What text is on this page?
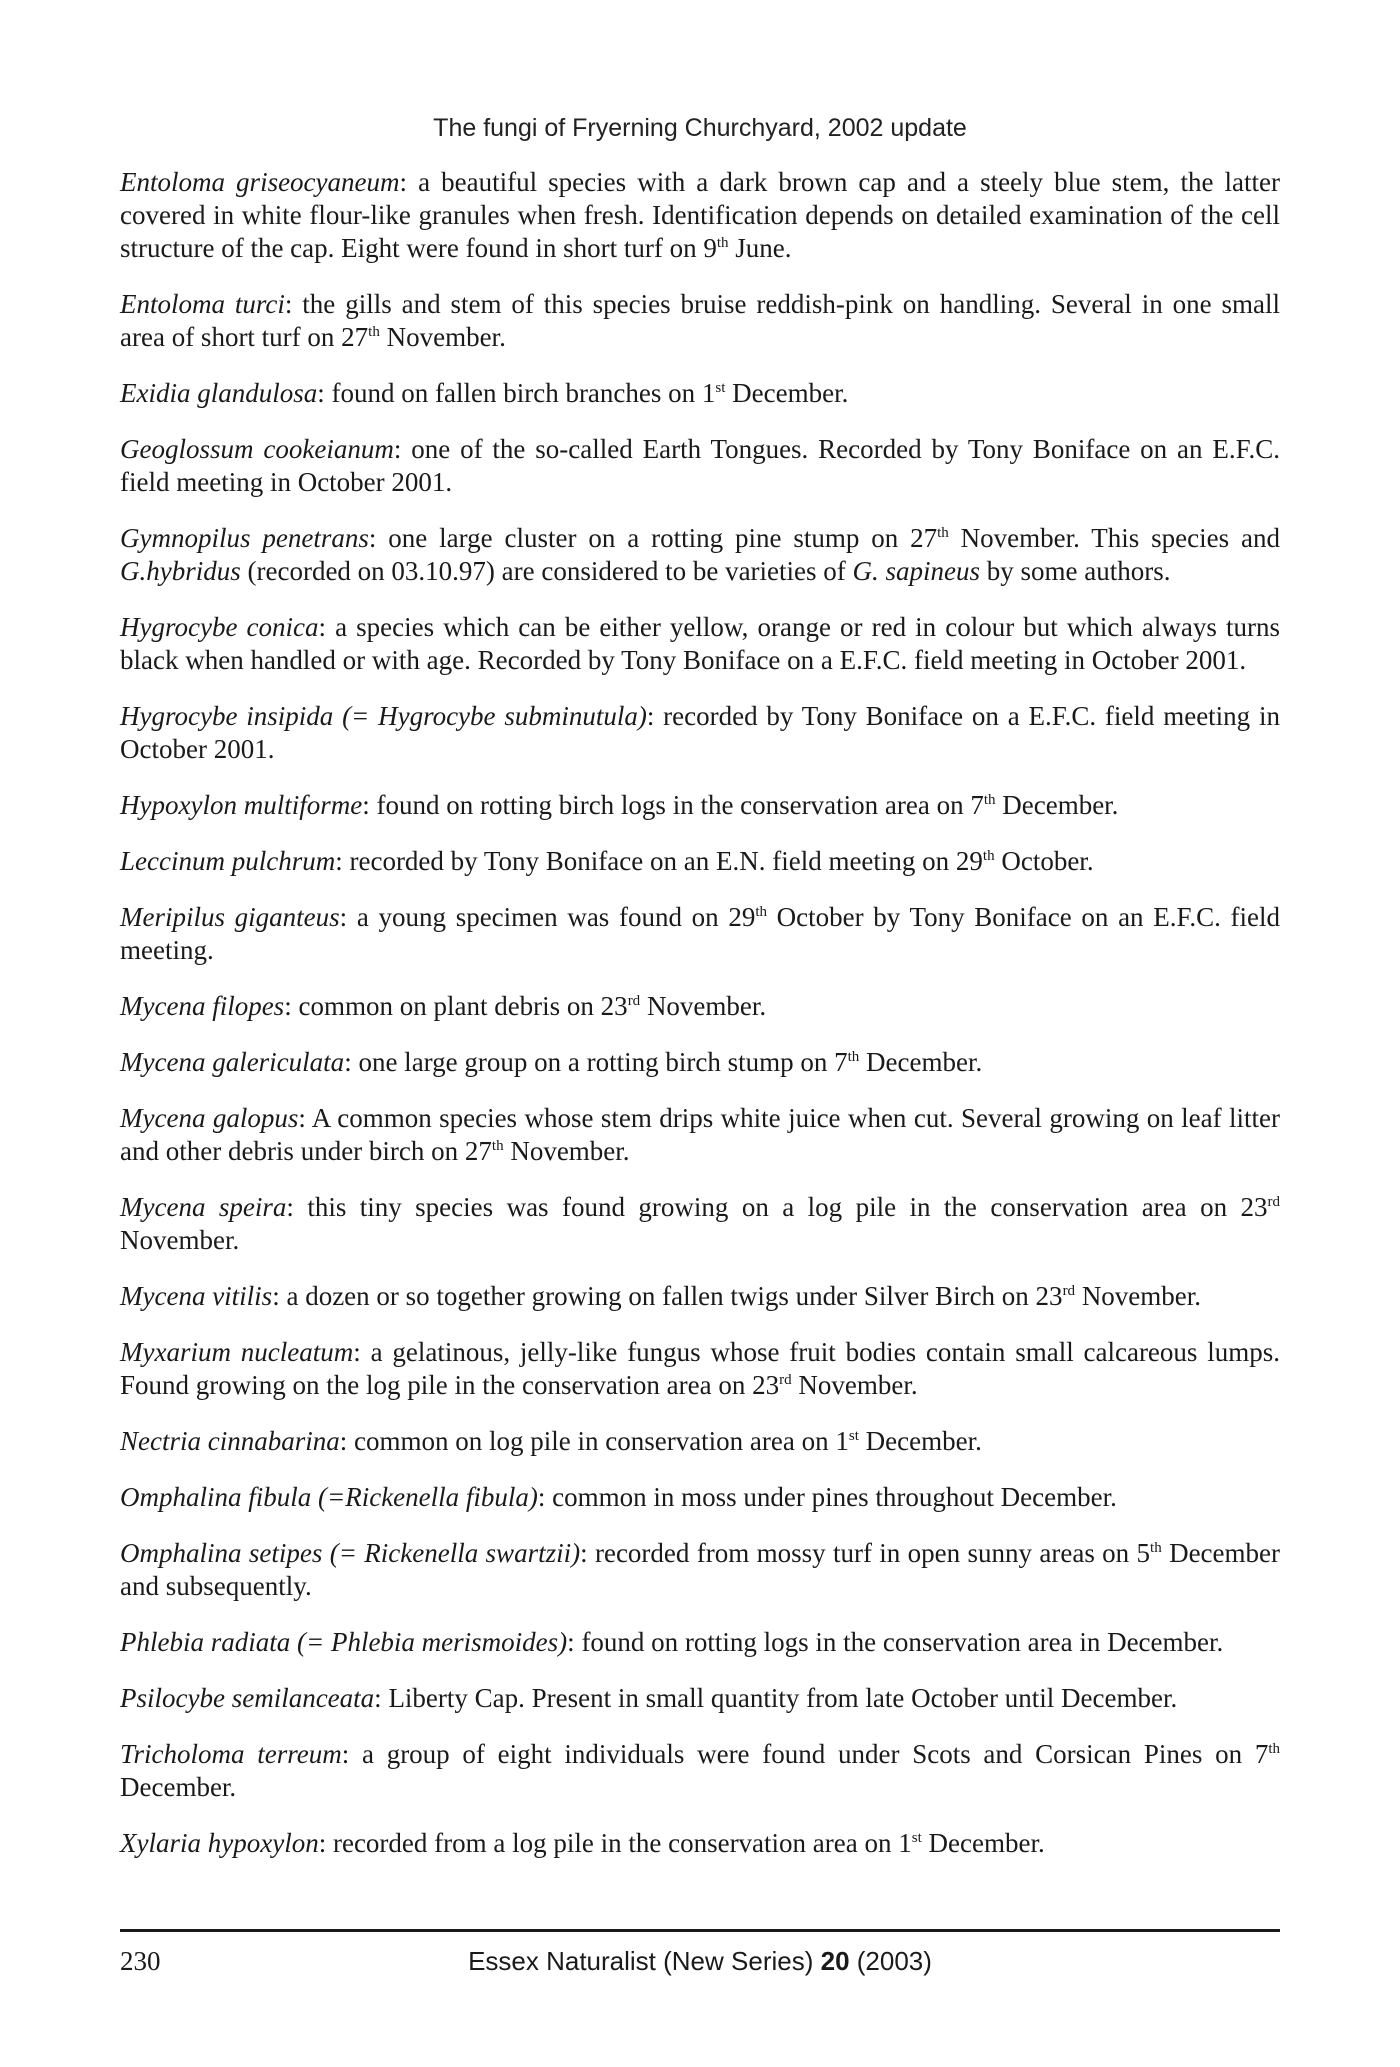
The fungi of Fryerning Churchyard, 2002 update

Entoloma griseocyaneum: a beautiful species with a dark brown cap and a steely blue stem, the latter covered in white flour-like granules when fresh. Identification depends on detailed examination of the cell structure of the cap. Eight were found in short turf on 9th June.

Entoloma turci: the gills and stem of this species bruise reddish-pink on handling. Several in one small area of short turf on 27th November.

Exidia glandulosa: found on fallen birch branches on 1st December.

Geoglossum cookeianum: one of the so-called Earth Tongues. Recorded by Tony Boniface on an E.F.C. field meeting in October 2001.

Gymnopilus penetrans: one large cluster on a rotting pine stump on 27th November. This species and G.hybridus (recorded on 03.10.97) are considered to be varieties of G. sapineus by some authors.

Hygrocybe conica: a species which can be either yellow, orange or red in colour but which always turns black when handled or with age. Recorded by Tony Boniface on a E.F.C. field meeting in October 2001.

Hygrocybe insipida (= Hygrocybe subminutula): recorded by Tony Boniface on a E.F.C. field meeting in October 2001.

Hypoxylon multiforme: found on rotting birch logs in the conservation area on 7th December.

Leccinum pulchrum: recorded by Tony Boniface on an E.N. field meeting on 29th October.

Meripilus giganteus: a young specimen was found on 29th October by Tony Boniface on an E.F.C. field meeting.

Mycena filopes: common on plant debris on 23rd November.

Mycena galericulata: one large group on a rotting birch stump on 7th December.

Mycena galopus: A common species whose stem drips white juice when cut. Several growing on leaf litter and other debris under birch on 27th November.

Mycena speira: this tiny species was found growing on a log pile in the conservation area on 23rd November.

Mycena vitilis: a dozen or so together growing on fallen twigs under Silver Birch on 23rd November.

Myxarium nucleatum: a gelatinous, jelly-like fungus whose fruit bodies contain small calcareous lumps. Found growing on the log pile in the conservation area on 23rd November.

Nectria cinnabarina: common on log pile in conservation area on 1st December.

Omphalina fibula (=Rickenella fibula): common in moss under pines throughout December.

Omphalina setipes (= Rickenella swartzii): recorded from mossy turf in open sunny areas on 5th December and subsequently.

Phlebia radiata (= Phlebia merismoides): found on rotting logs in the conservation area in December.

Psilocybe semilanceata: Liberty Cap. Present in small quantity from late October until December.

Tricholoma terreum: a group of eight individuals were found under Scots and Corsican Pines on 7th December.

Xylaria hypoxylon: recorded from a log pile in the conservation area on 1st December.

230	Essex Naturalist (New Series) 20 (2003)
